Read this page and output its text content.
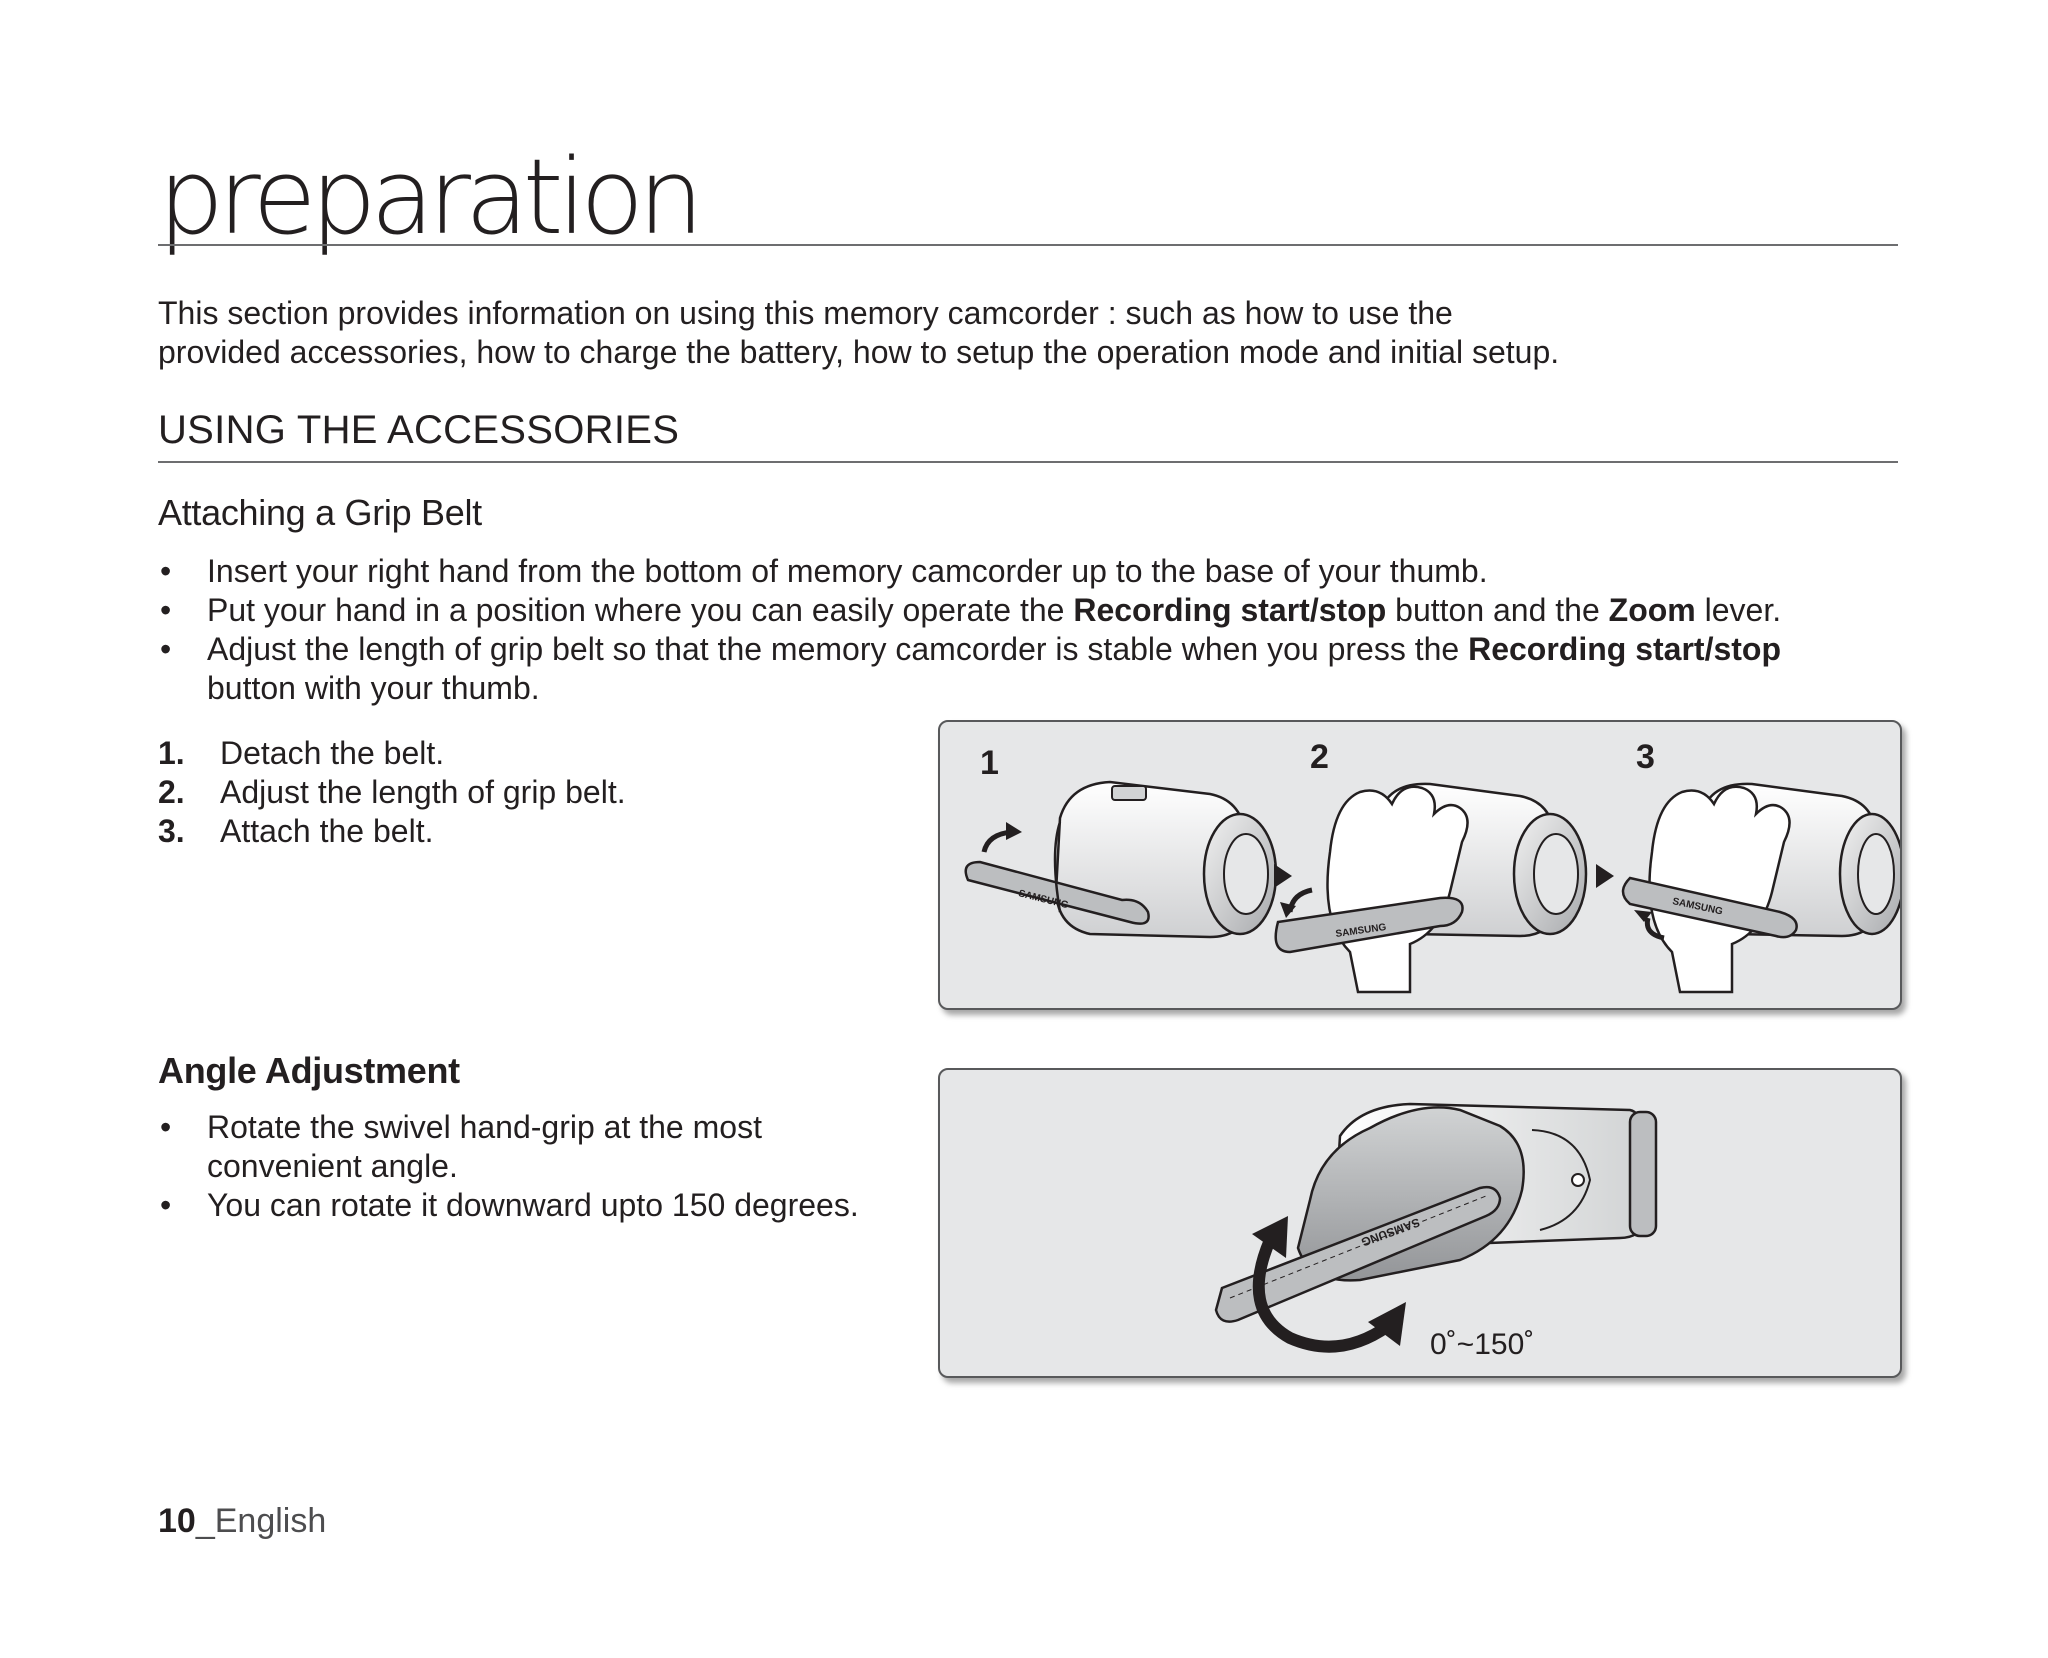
preparation

This section provides information on using this memory camcorder : such as how to use the
provided accessories, how to charge the battery, how to setup the operation mode and initial setup.

USING THE ACCESSORIES
Attaching a Grip Belt
• Insert your right hand from the bottom of memory camcorder up to the base of your thumb.
• Put your hand in a position where you can easily operate the Recording start/stop button and the Zoom lever.
• Adjust the length of grip belt so that the memory camcorder is stable when you press the Recording start/stop
button with your thumb.
1. Detach the belt.
2. Adjust the length of grip belt.
3. Attach the belt.
1	2	3
SAMSUNG
SAMSUNG
SAMSUNG
Angle Adjustment
• Rotate the swivel hand-grip at the most
convenient angle.
• You can rotate it downward upto 150 degrees.
SAMSUNG
0˚~150˚

10_English
